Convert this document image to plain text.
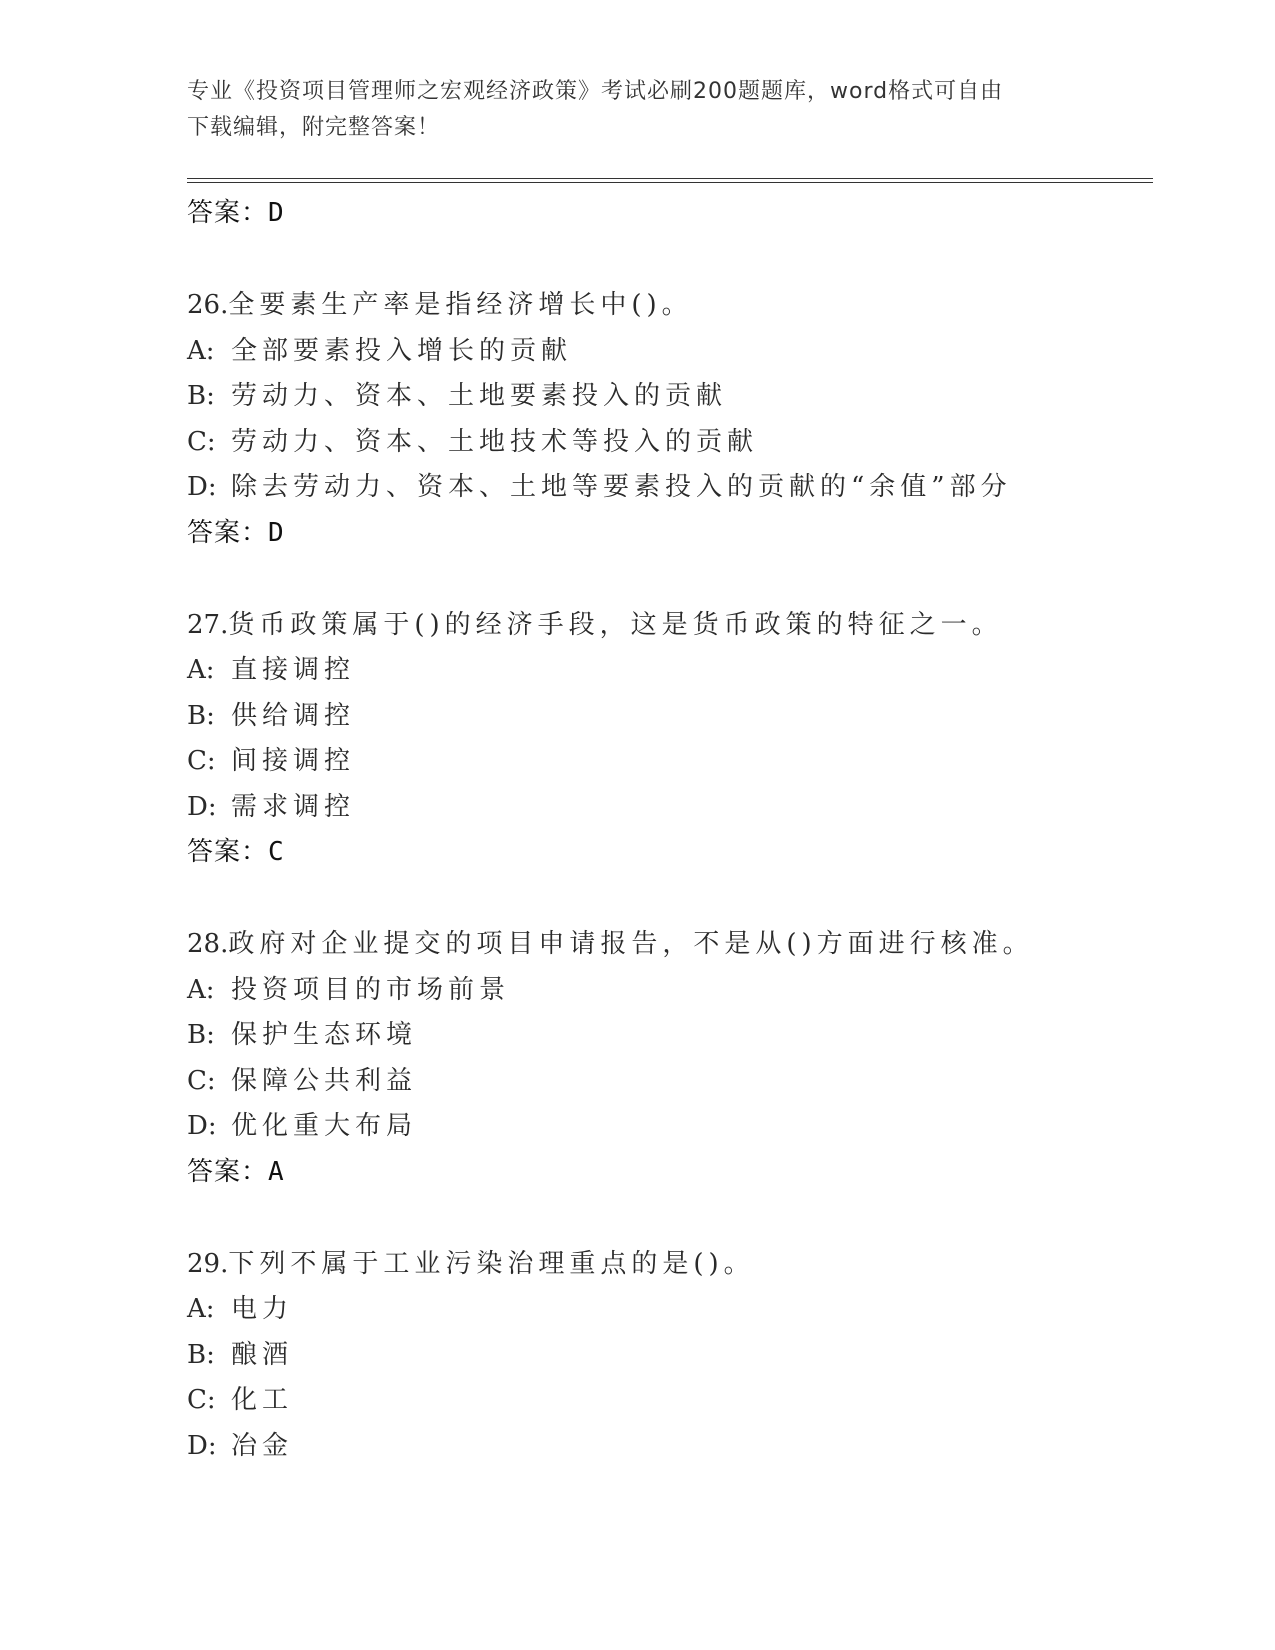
专业《投资项目管理师之宏观经济政策》考试必刷200题题库，word格式可自由
下载编辑，附完整答案！
答案：D
26.全要素生产率是指经济增长中()。
A: 全部要素投入增长的贡献
B: 劳动力、资本、土地要素投入的贡献
C: 劳动力、资本、土地技术等投入的贡献
D: 除去劳动力、资本、土地等要素投入的贡献的“余值”部分
答案：D
27.货币政策属于()的经济手段，这是货币政策的特征之一。
A: 直接调控
B: 供给调控
C: 间接调控
D: 需求调控
答案：C
28.政府对企业提交的项目申请报告，不是从()方面进行核准。
A: 投资项目的市场前景
B: 保护生态环境
C: 保障公共利益
D: 优化重大布局
答案：A
29.下列不属于工业污染治理重点的是()。
A: 电力
B: 酿酒
C: 化工
D: 冶金
